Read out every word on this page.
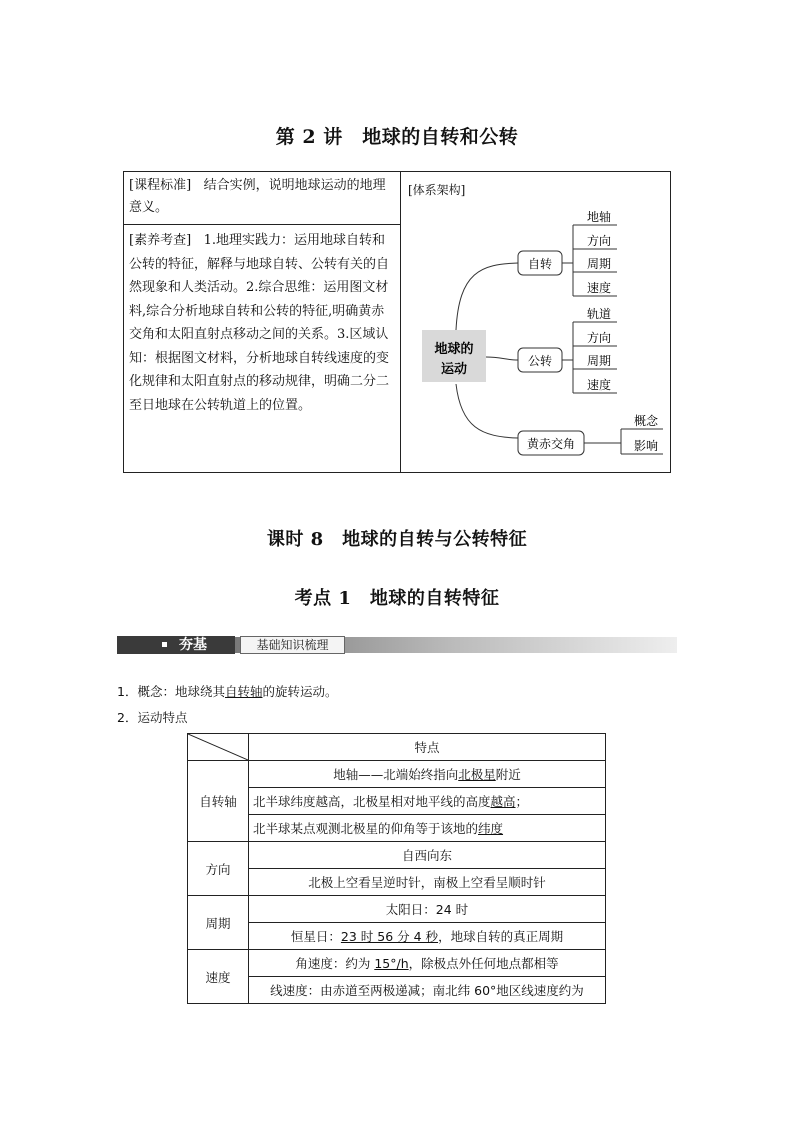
第 2 讲　地球的自转和公转
[课程标准] 结合实例，说明地球运动的地理意义。
[素养考查] 1.地理实践力：运用地球自转和公转的特征，解释与地球自转、公转有关的自然现象和人类活动。2.综合思维：运用图文材料,综合分析地球自转和公转的特征,明确黄赤交角和太阳直射点移动之间的关系。3.区域认知：根据图文材料，分析地球自转线速度的变化规律和太阳直射点的移动规律，明确二分二至日地球在公转轨道上的位置。
[体系架构]
地球的
运动
自转
地轴
方向
周期
速度
公转
轨道
方向
周期
速度
黄赤交角
概念
影响
课时 8　地球的自转与公转特征
考点 1　地球的自转特征
夯基	基础知识梳理
1．概念：地球绕其自转轴的旋转运动。
2．运动特点
	特点
自转轴	地轴——北端始终指向北极星附近
	北半球纬度越高，北极星相对地平线的高度越高；
	北半球某点观测北极星的仰角等于该地的纬度
方向	自西向东
	北极上空看呈逆时针，南极上空看呈顺时针
周期	太阳日：24 时
	恒星日：23 时 56 分 4 秒，地球自转的真正周期
速度	角速度：约为 15°/h，除极点外任何地点都相等
	线速度：由赤道至两极递减；南北纬 60°地区线速度约为
